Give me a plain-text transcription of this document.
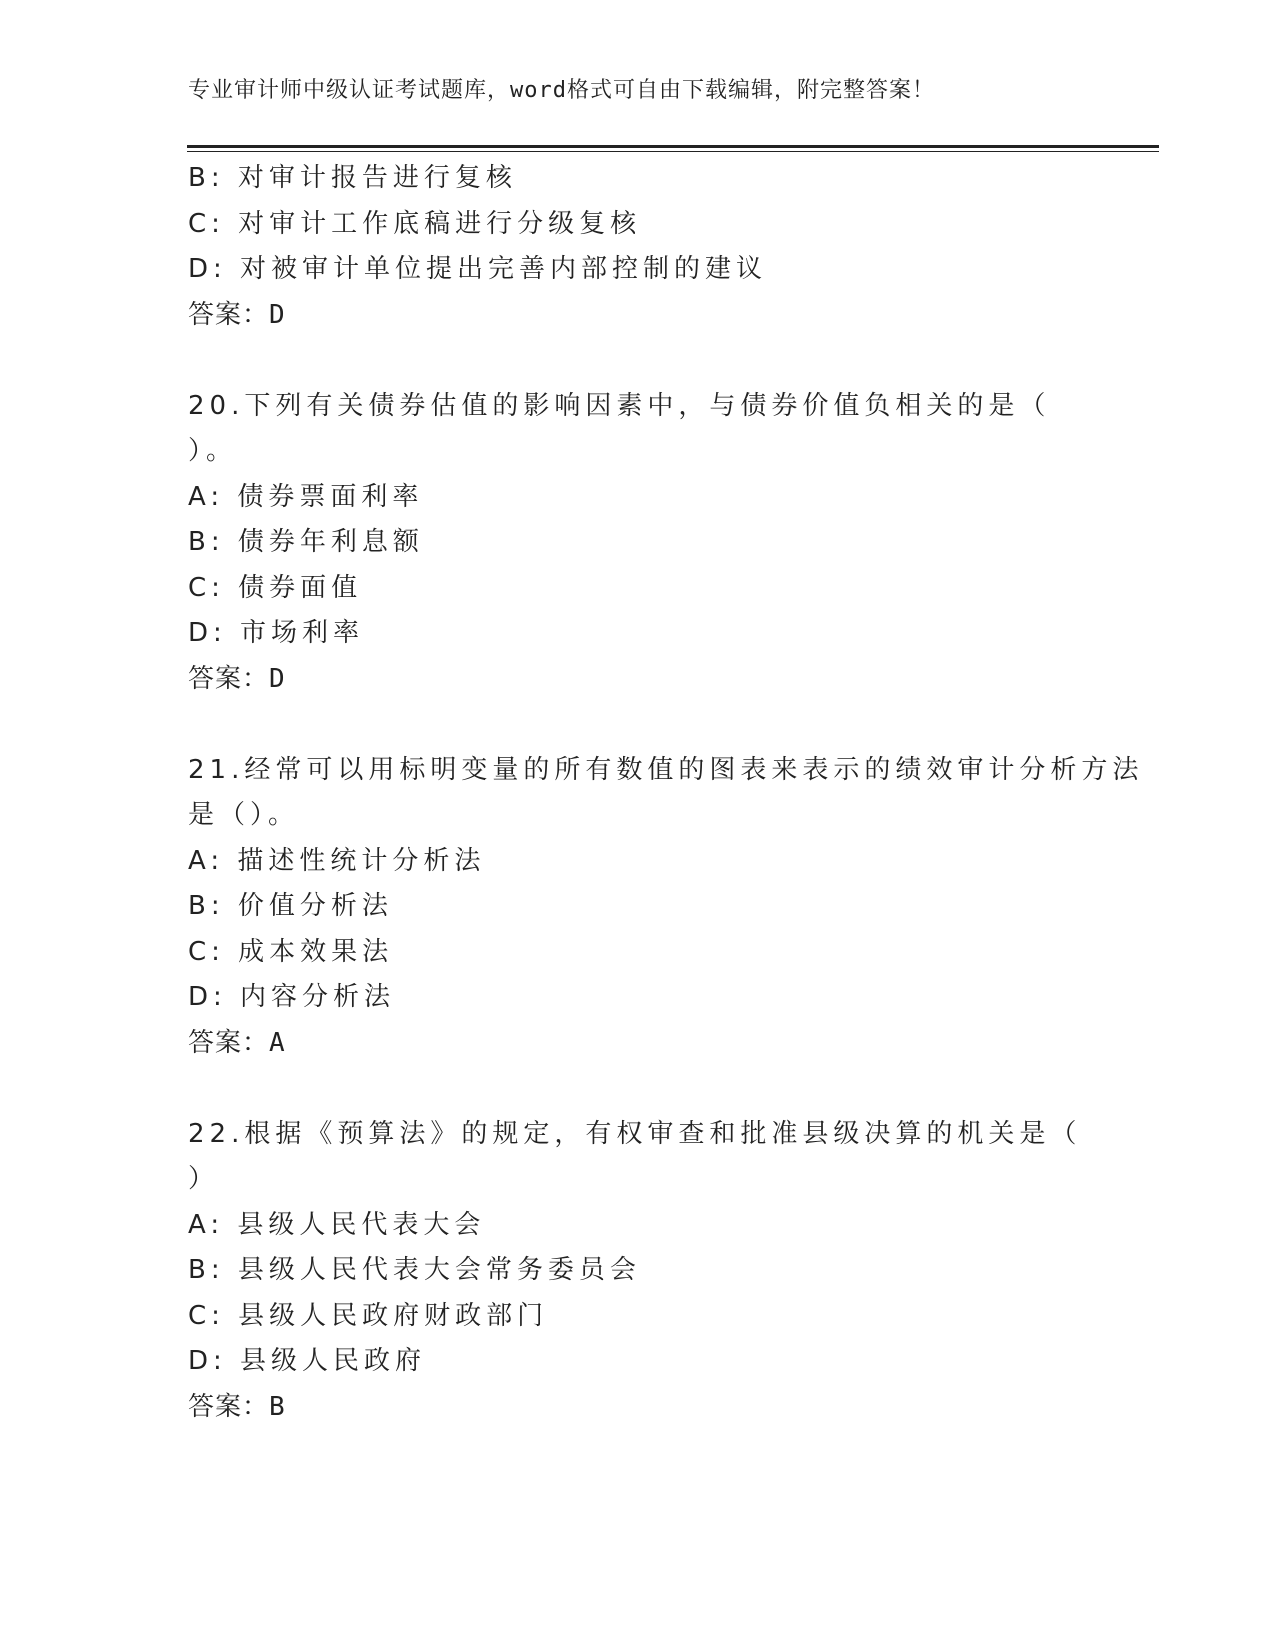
专业审计师中级认证考试题库，word格式可自由下载编辑，附完整答案！
B: 对审计报告进行复核
C: 对审计工作底稿进行分级复核
D: 对被审计单位提出完善内部控制的建议
答案：D
20.下列有关债券估值的影响因素中，与债券价值负相关的是（
）。
A: 债券票面利率
B: 债券年利息额
C: 债券面值
D: 市场利率
答案：D
21.经常可以用标明变量的所有数值的图表来表示的绩效审计分析方法
是（）。
A: 描述性统计分析法
B: 价值分析法
C: 成本效果法
D: 内容分析法
答案：A
22.根据《预算法》的规定，有权审查和批准县级决算的机关是（
）
A: 县级人民代表大会
B: 县级人民代表大会常务委员会
C: 县级人民政府财政部门
D: 县级人民政府
答案：B
